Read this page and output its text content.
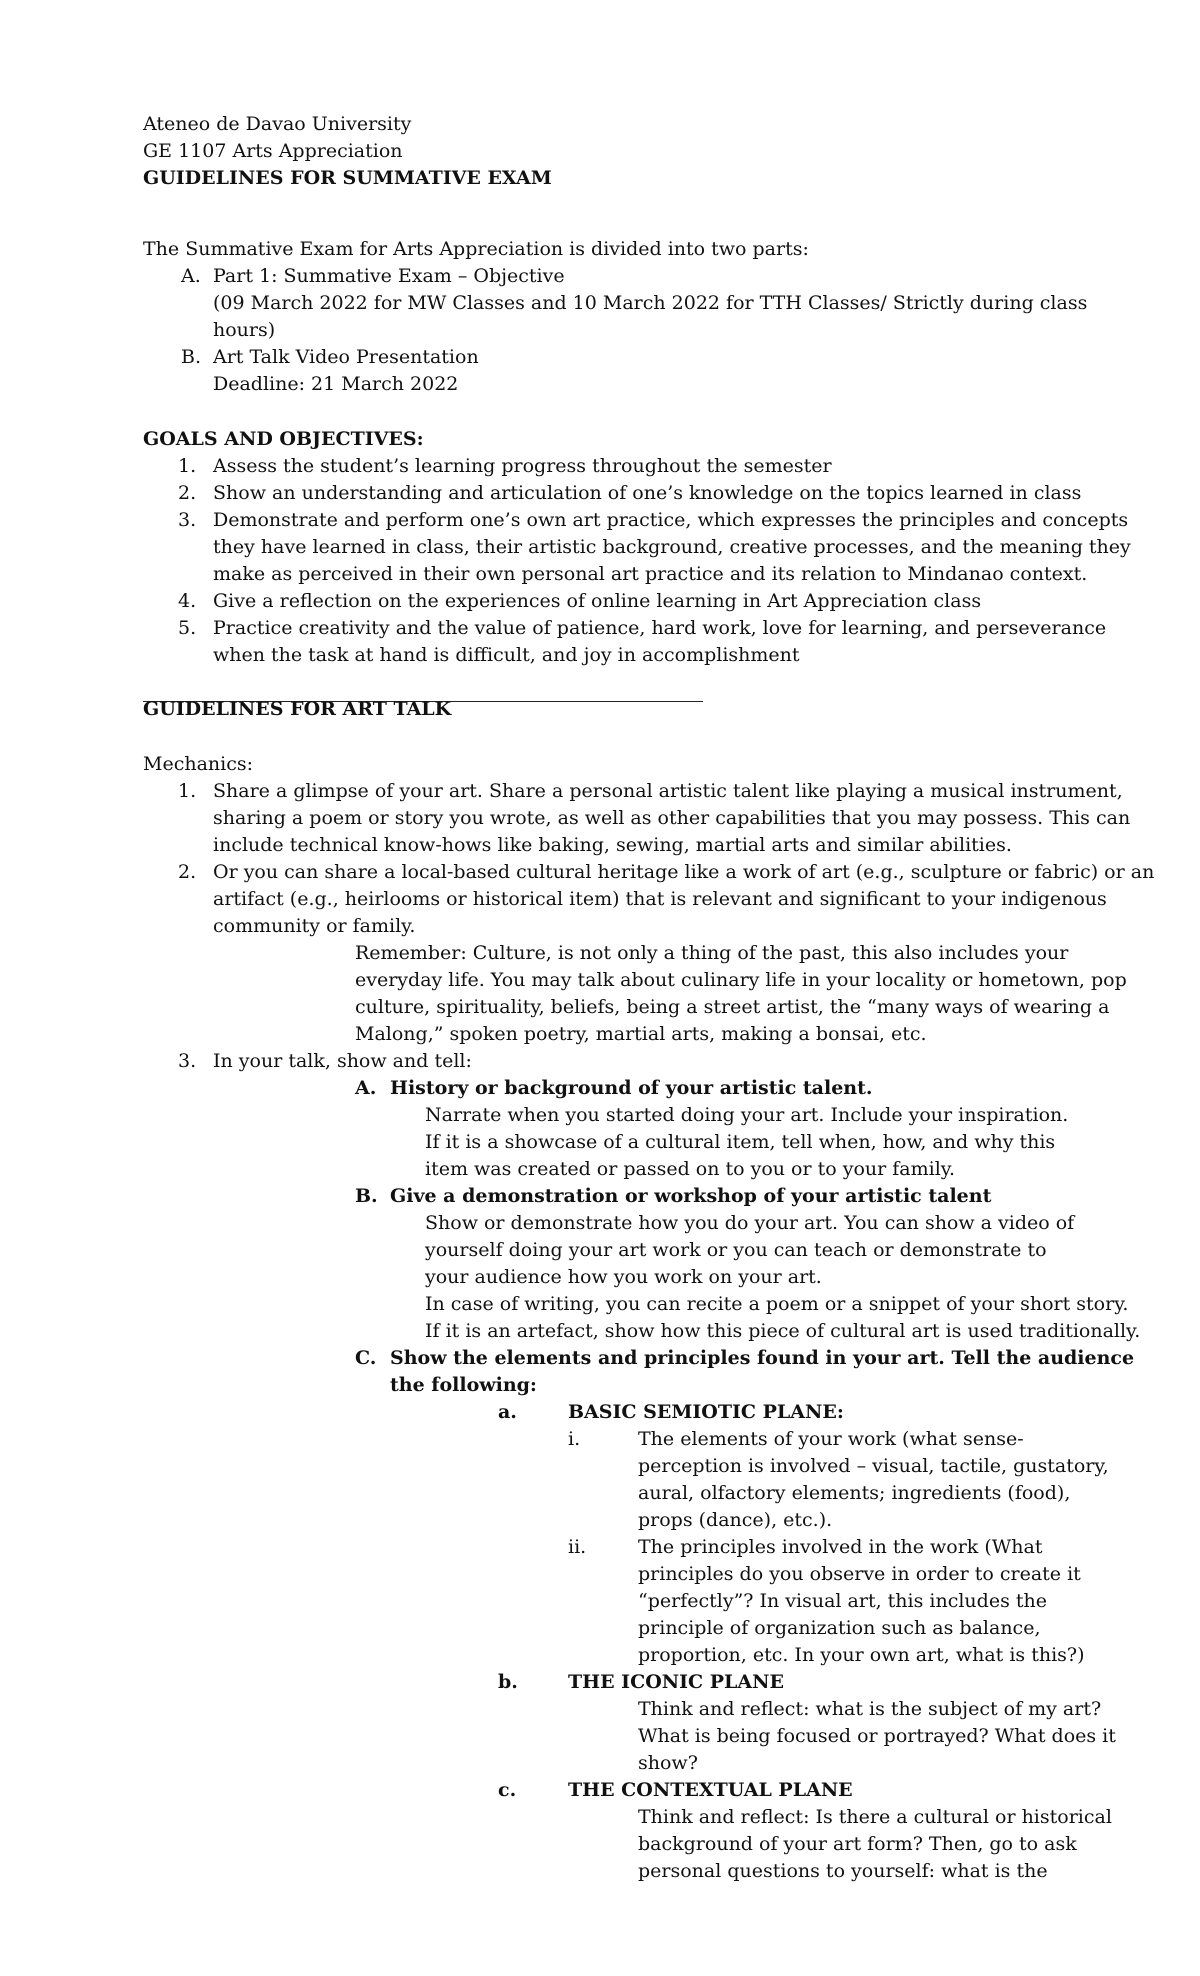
Ateneo de Davao University
GE 1107 Arts Appreciation
GUIDELINES FOR SUMMATIVE EXAM
The Summative Exam for Arts Appreciation is divided into two parts:
A. Part 1: Summative Exam – Objective
(09 March 2022 for MW Classes and 10 March 2022 for TTH Classes/ Strictly during class
hours)
B. Art Talk Video Presentation
Deadline: 21 March 2022
GOALS AND OBJECTIVES:
1. Assess the student’s learning progress throughout the semester
2. Show an understanding and articulation of one’s knowledge on the topics learned in class
3. Demonstrate and perform one’s own art practice, which expresses the principles and concepts
they have learned in class, their artistic background, creative processes, and the meaning they
make as perceived in their own personal art practice and its relation to Mindanao context.
4. Give a reflection on the experiences of online learning in Art Appreciation class
5. Practice creativity and the value of patience, hard work, love for learning, and perseverance
when the task at hand is difficult, and joy in accomplishment
GUIDELINES FOR ART TALK
Mechanics:
1. Share a glimpse of your art. Share a personal artistic talent like playing a musical instrument,
sharing a poem or story you wrote, as well as other capabilities that you may possess. This can
include technical know-hows like baking, sewing, martial arts and similar abilities.
2. Or you can share a local-based cultural heritage like a work of art (e.g., sculpture or fabric) or an
artifact (e.g., heirlooms or historical item) that is relevant and significant to your indigenous
community or family.
Remember: Culture, is not only a thing of the past, this also includes your
everyday life. You may talk about culinary life in your locality or hometown, pop
culture, spirituality, beliefs, being a street artist, the “many ways of wearing a
Malong,” spoken poetry, martial arts, making a bonsai, etc.
3. In your talk, show and tell:
A. History or background of your artistic talent.
Narrate when you started doing your art. Include your inspiration.
If it is a showcase of a cultural item, tell when, how, and why this
item was created or passed on to you or to your family.
B. Give a demonstration or workshop of your artistic talent
Show or demonstrate how you do your art. You can show a video of
yourself doing your art work or you can teach or demonstrate to
your audience how you work on your art.
In case of writing, you can recite a poem or a snippet of your short story.
If it is an artefact, show how this piece of cultural art is used traditionally.
C. Show the elements and principles found in your art. Tell the audience
the following:
a.	BASIC SEMIOTIC PLANE:
i.	The elements of your work (what sense-
perception is involved – visual, tactile, gustatory,
aural, olfactory elements; ingredients (food),
props (dance), etc.).
ii.	The principles involved in the work (What
principles do you observe in order to create it
“perfectly”? In visual art, this includes the
principle of organization such as balance,
proportion, etc. In your own art, what is this?)
b.	THE ICONIC PLANE
Think and reflect: what is the subject of my art?
What is being focused or portrayed? What does it
show?
c.	THE CONTEXTUAL PLANE
Think and reflect: Is there a cultural or historical
background of your art form? Then, go to ask
personal questions to yourself: what is the
